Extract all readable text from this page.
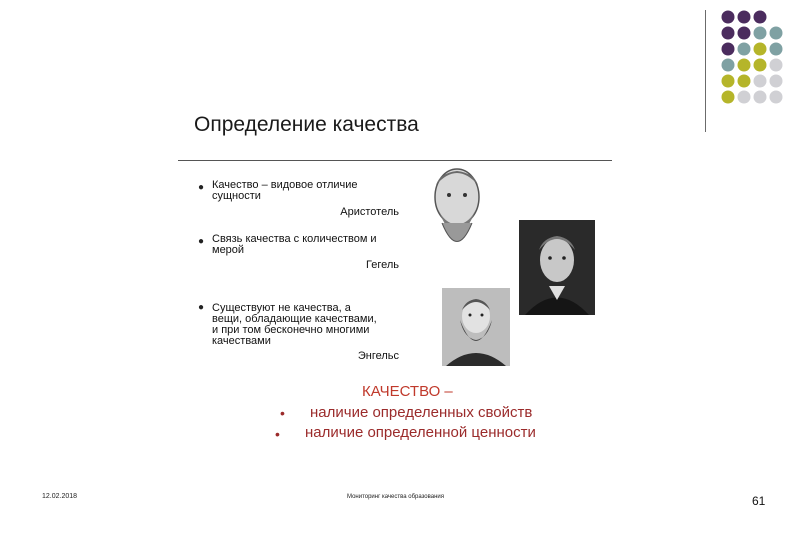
Определение качества
● Качество – видовое отличие сущности
Аристотель
● Связь качества с количеством и мерой
Гегель
● Существуют не качества, а вещи, обладающие качествами, и при том бесконечно многими качествами
Энгельс
КАЧЕСТВО –
• наличие определенных свойств
• наличие определенной ценности
12.02.2018	Мониторинг качества образования	61
